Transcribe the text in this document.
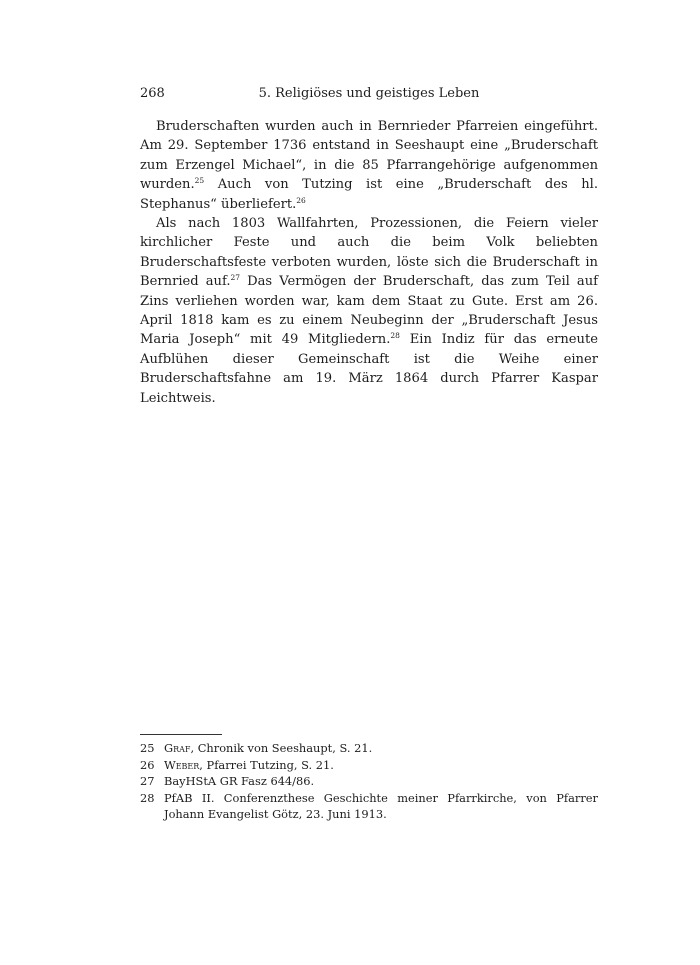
268	5. Religiöses und geistiges Leben

Bruderschaften wurden auch in Bernrieder Pfarreien eingeführt. Am 29. September 1736 entstand in Seeshaupt eine „Bruderschaft zum Erzengel Michael“, in die 85 Pfarrangehörige aufgenommen wurden.$^{25}$ Auch von Tutzing ist eine „Bruderschaft des hl. Stephanus“ überliefert.$^{26}$

Als nach 1803 Wallfahrten, Prozessionen, die Feiern vieler kirchlicher Feste und auch die beim Volk beliebten Bruderschaftsfeste verboten wurden, löste sich die Bruderschaft in Bernried auf.$^{27}$ Das Vermögen der Bruderschaft, das zum Teil auf Zins verliehen worden war, kam dem Staat zu Gute. Erst am 26. April 1818 kam es zu einem Neubeginn der „Bruderschaft Jesus Maria Joseph“ mit 49 Mitgliedern.$^{28}$ Ein Indiz für das erneute Aufblühen dieser Gemeinschaft ist die Weihe einer Bruderschaftsfahne am 19. März 1864 durch Pfarrer Kaspar Leichtweis.

25 Graf, Chronik von Seeshaupt, S. 21.
26 Weber, Pfarrei Tutzing, S. 21.
27 BayHStA GR Fasz 644/86.
28 PfAB II. Conferenzthese Geschichte meiner Pfarrkirche, von Pfarrer Johann Evangelist Götz, 23. Juni 1913.
